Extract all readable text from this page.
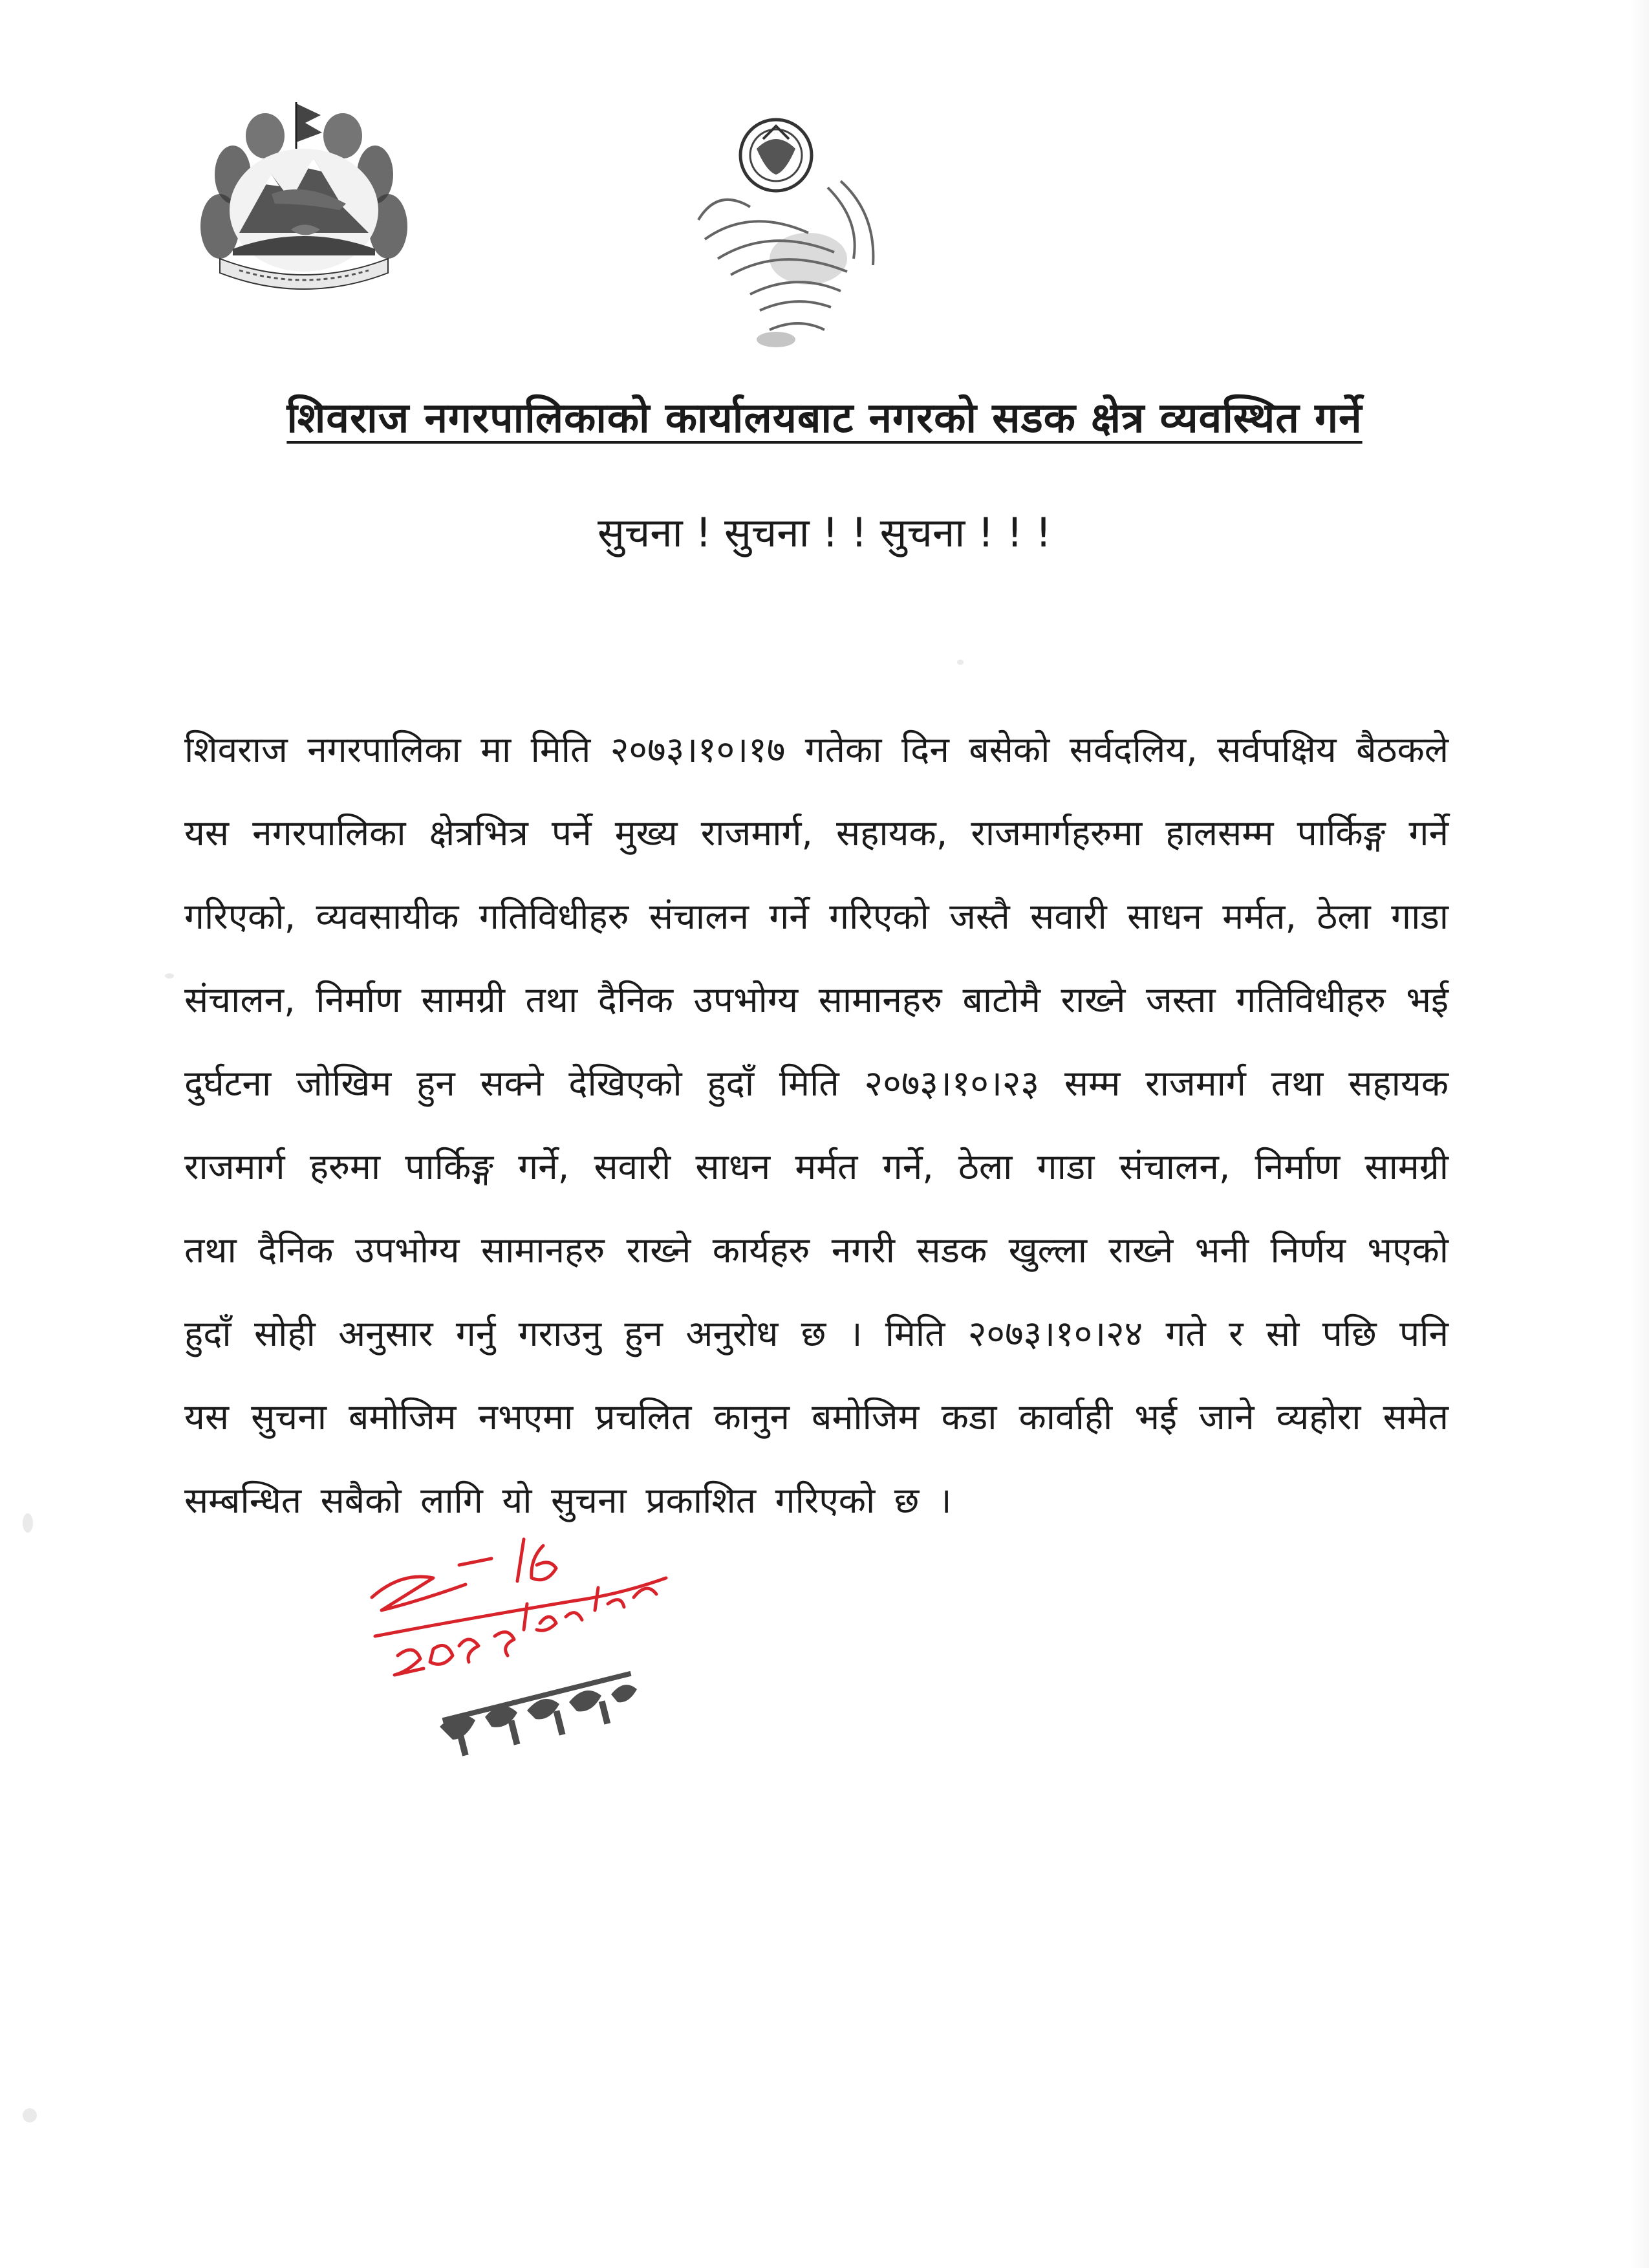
शिवराज नगरपालिकाको कार्यालयबाट नगरको सडक क्षेत्र व्यवस्थित गर्ने
सुचना ! सुचना ! ! सुचना ! ! !
शिवराज नगरपालिका मा मिति २०७३।१०।१७ गतेका दिन बसेको सर्वदलिय, सर्वपक्षिय बैठकले यस नगरपालिका क्षेत्रभित्र पर्ने मुख्य राजमार्ग, सहायक, राजमार्गहरुमा हालसम्म पार्किङ्ग गर्ने गरिएको, व्यवसायीक गतिविधीहरु संचालन गर्ने गरिएको जस्तै सवारी साधन मर्मत, ठेला गाडा संचालन, निर्माण सामग्री तथा दैनिक उपभोग्य सामानहरु बाटोमै राख्ने जस्ता गतिविधीहरु भई दुर्घटना जोखिम हुन सक्ने देखिएको हुदाँ मिति २०७३।१०।२३ सम्म राजमार्ग तथा सहायक राजमार्ग हरुमा पार्किङ्ग गर्ने, सवारी साधन मर्मत गर्ने, ठेला गाडा संचालन, निर्माण सामग्री तथा दैनिक उपभोग्य सामानहरु राख्ने कार्यहरु नगरी सडक खुल्ला राख्ने भनी निर्णय भएको हुदाँ सोही अनुसार गर्नु गराउनु हुन अनुरोध छ । मिति २०७३।१०।२४ गते र सो पछि पनि यस सुचना बमोजिम नभएमा प्रचलित कानुन बमोजिम कडा कार्वाही भई जाने व्यहोरा समेत सम्बन्धित सबैको लागि यो सुचना प्रकाशित गरिएको छ ।
